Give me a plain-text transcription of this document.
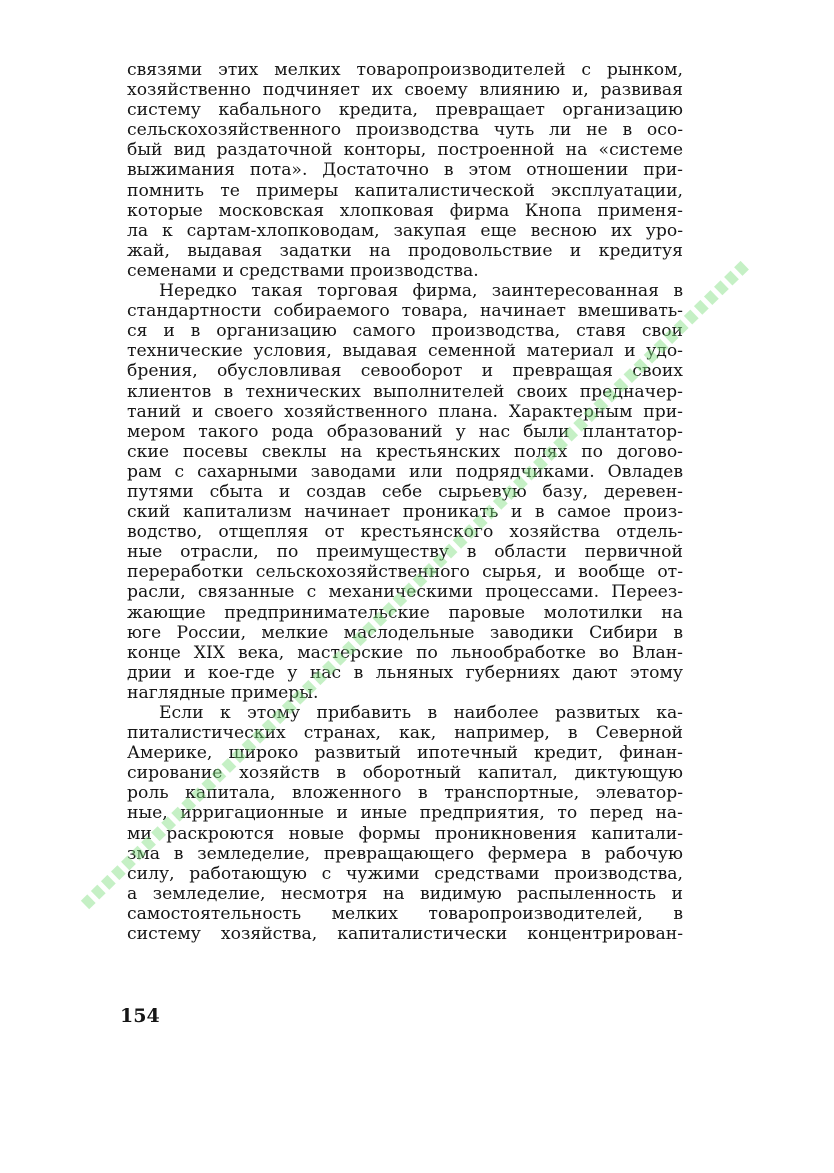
связями этих мелких товаропроизводителей с рынком,
хозяйственно подчиняет их своему влиянию и, развивая
систему кабального кредита, превращает организацию
сельскохозяйственного производства чуть ли не в осо-
бый вид раздаточной конторы, построенной на «системе
выжимания пота». Достаточно в этом отношении при-
помнить те примеры капиталистической эксплуатации,
которые московская хлопковая фирма Кнопа применя-
ла к сартам-хлопководам, закупая еще весною их уро-
жай, выдавая задатки на продовольствие и кредитуя
семенами и средствами производства.
Нередко такая торговая фирма, заинтересованная в
стандартности собираемого товара, начинает вмешивать-
ся и в организацию самого производства, ставя свои
технические условия, выдавая семенной материал и удо-
брения, обусловливая севооборот и превращая своих
клиентов в технических выполнителей своих предначер-
таний и своего хозяйственного плана. Характерным при-
мером такого рода образований у нас были плантатор-
ские посевы свеклы на крестьянских полях по догово-
рам с сахарными заводами или подрядчиками. Овладев
путями сбыта и создав себе сырьевую базу, деревен-
ский капитализм начинает проникать и в самое произ-
водство, отщепляя от крестьянского хозяйства отдель-
ные отрасли, по преимуществу в области первичной
переработки сельскохозяйственного сырья, и вообще от-
расли, связанные с механическими процессами. Переез-
жающие предпринимательские паровые молотилки на
юге России, мелкие маслодельные заводики Сибири в
конце XIX века, мастерские по льнообработке во Влан-
дрии и кое-где у нас в льняных губерниях дают этому
наглядные примеры.
Если к этому прибавить в наиболее развитых ка-
питалистических странах, как, например, в Северной
Америке, широко развитый ипотечный кредит, финан-
сирование хозяйств в оборотный капитал, диктующую
роль капитала, вложенного в транспортные, элеватор-
ные, ирригационные и иные предприятия, то перед на-
ми раскроются новые формы проникновения капитали-
зма в земледелие, превращающего фермера в рабочую
силу, работающую с чужими средствами производства,
а земледелие, несмотря на видимую распыленность и
самостоятельность мелких товаропроизводителей, в
систему хозяйства, капиталистически концентрирован-
154
